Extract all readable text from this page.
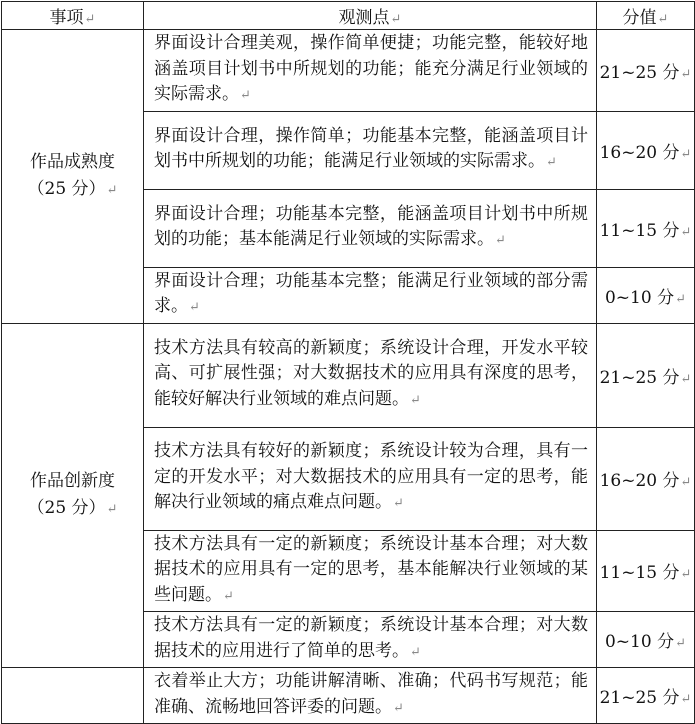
事项↵	观测点↵	分值↵

作品成熟度
（25 分）↵	界面设计合理美观，操作简单便捷；功能完整，能较好地涵盖项目计划书中所规划的功能；能充分满足行业领域的实际需求。↵	21~25 分↵
	界面设计合理，操作简单；功能基本完整，能涵盖项目计划书中所规划的功能；能满足行业领域的实际需求。↵	16~20 分↵
	界面设计合理；功能基本完整，能涵盖项目计划书中所规划的功能；基本能满足行业领域的实际需求。↵	11~15 分↵
	界面设计合理；功能基本完整；能满足行业领域的部分需求。↵	0~10 分↵

作品创新度
（25 分）↵	技术方法具有较高的新颖度；系统设计合理，开发水平较高、可扩展性强；对大数据技术的应用具有深度的思考，能较好解决行业领域的难点问题。↵	21~25 分↵
	技术方法具有较好的新颖度；系统设计较为合理，具有一定的开发水平；对大数据技术的应用具有一定的思考，能解决行业领域的痛点难点问题。↵	16~20 分↵
	技术方法具有一定的新颖度；系统设计基本合理；对大数据技术的应用具有一定的思考，基本能解决行业领域的某些问题。↵	11~15 分↵
	技术方法具有一定的新颖度；系统设计基本合理；对大数据技术的应用进行了简单的思考。↵	0~10 分↵

	衣着举止大方；功能讲解清晰、准确；代码书写规范；能准确、流畅地回答评委的问题。↵	21~25 分↵
